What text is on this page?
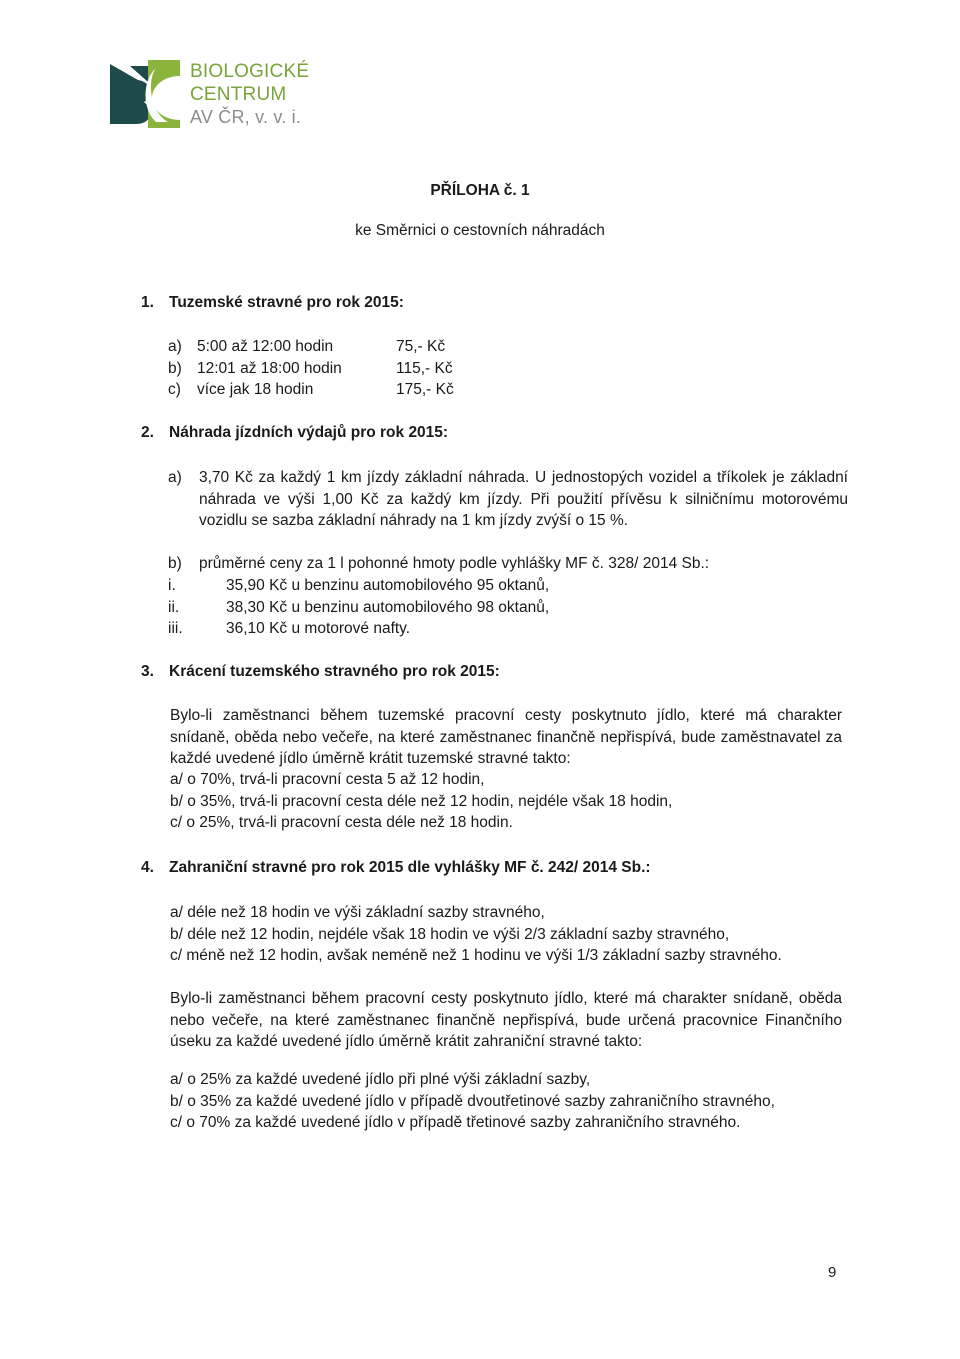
BIOLOGICKÉ
CENTRUM
AV ČR, v. v. i.
PŘÍLOHA č. 1
ke Směrnici o cestovních náhradách
1. Tuzemské stravné pro rok 2015:
a) 5:00 až 12:00 hodin	75,- Kč
b) 12:01 až 18:00 hodin	115,- Kč
c) více jak 18 hodin	175,- Kč
2. Náhrada jízdních výdajů pro rok 2015:
a) 3,70 Kč za každý 1 km jízdy základní náhrada. U jednostopých vozidel a tříkolek je základní náhrada ve výši 1,00 Kč za každý km jízdy. Při použití přívěsu k silničnímu motorovému vozidlu se sazba základní náhrady na 1 km jízdy zvýší o 15 %.
b) průměrné ceny za 1 l pohonné hmoty podle vyhlášky MF č. 328/ 2014 Sb.:
i.	35,90 Kč u benzinu automobilového 95 oktanů,
ii.	38,30 Kč u benzinu automobilového 98 oktanů,
iii.	36,10 Kč u motorové nafty.
3. Krácení tuzemského stravného pro rok 2015:
Bylo-li zaměstnanci během tuzemské pracovní cesty poskytnuto jídlo, které má charakter snídaně, oběda nebo večeře, na které zaměstnanec finančně nepřispívá, bude zaměstnavatel za každé uvedené jídlo úměrně krátit tuzemské stravné takto:
a/ o 70%, trvá-li pracovní cesta 5 až 12 hodin,
b/ o 35%, trvá-li pracovní cesta déle než 12 hodin, nejdéle však 18 hodin,
c/ o 25%, trvá-li pracovní cesta déle než 18 hodin.
4. Zahraniční stravné pro rok 2015 dle vyhlášky MF č. 242/ 2014 Sb.:
a/ déle než 18 hodin ve výši základní sazby stravného,
b/ déle než 12 hodin, nejdéle však 18 hodin ve výši 2/3 základní sazby stravného,
c/ méně než 12 hodin, avšak neméně než 1 hodinu ve výši 1/3 základní sazby stravného.
Bylo-li zaměstnanci během pracovní cesty poskytnuto jídlo, které má charakter snídaně, oběda nebo večeře, na které zaměstnanec finančně nepřispívá, bude určená pracovnice Finančního úseku za každé uvedené jídlo úměrně krátit zahraniční stravné takto:
a/ o 25% za každé uvedené jídlo při plné výši základní sazby,
b/ o 35% za každé uvedené jídlo v případě dvoutřetinové sazby zahraničního stravného,
c/ o 70% za každé uvedené jídlo v případě třetinové sazby zahraničního stravného.
9
